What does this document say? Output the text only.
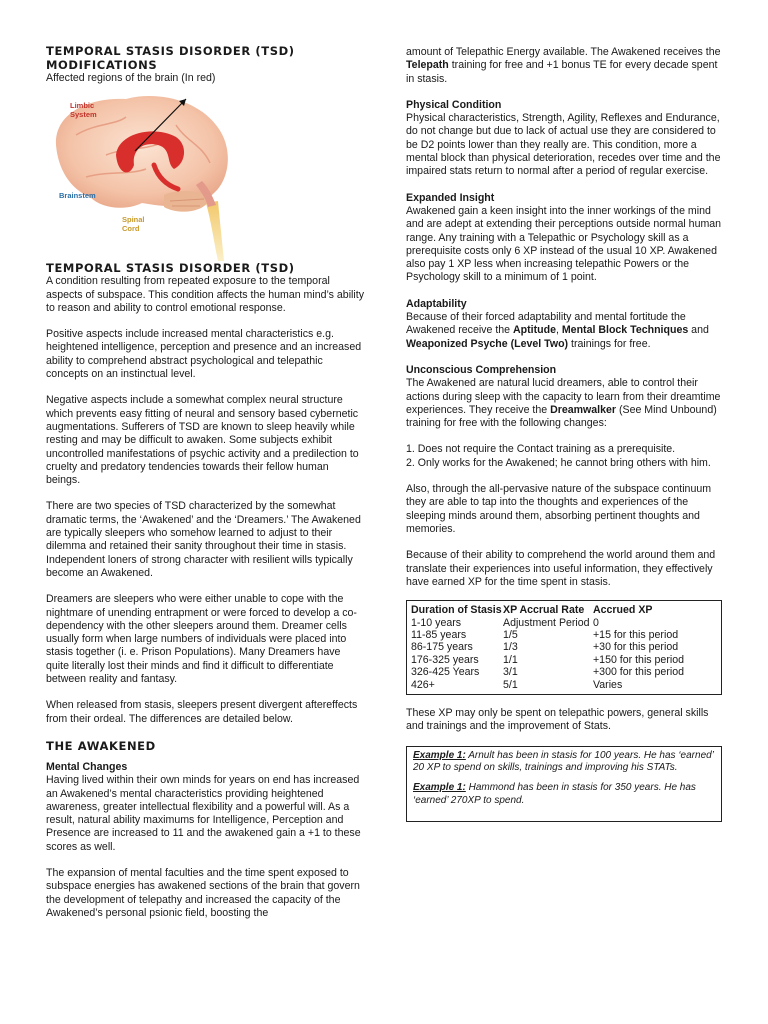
TEMPORAL STASIS DISORDER (TSD) MODIFICATIONS

Affected regions of the brain (In red)

Limbic
System
Brainstem
Spinal
Cord
TEMPORAL STASIS DISORDER (TSD)

A condition resulting from repeated exposure to the temporal aspects of subspace. This condition affects the human mind’s ability to reason and ability to control emotional response.

Positive aspects include increased mental characteristics e.g. heightened intelligence, perception and presence and an increased ability to comprehend abstract psychological and telepathic concepts on an instinctual level.

Negative aspects include a somewhat complex neural structure which prevents easy fitting of neural and sensory based cybernetic augmentations. Sufferers of TSD are known to sleep heavily while resting and may be difficult to awaken. Some subjects exhibit uncontrolled manifestations of psychic activity and a predilection to cruelty and predatory tendencies towards their fellow human beings.

There are two species of TSD characterized by the somewhat dramatic terms, the ‘Awakened’ and the ‘Dreamers.’ The Awakened are typically sleepers who somehow learned to adjust to their dilemma and retained their sanity throughout their time in stasis. Independent loners of strong character with resilient wills typically become an Awakened.

Dreamers are sleepers who were either unable to cope with the nightmare of unending entrapment or were forced to develop a co-dependency with the other sleepers around them. Dreamer cells usually form when large numbers of individuals were placed into stasis together (i. e. Prison Populations). Many Dreamers have quite literally lost their minds and find it difficult to differentiate between reality and fantasy.

When released from stasis, sleepers present divergent aftereffects from their ordeal. The differences are detailed below.

THE AWAKENED

Mental Changes

Having lived within their own minds for years on end has increased an Awakened’s mental characteristics providing heightened awareness, greater intellectual flexibility and a powerful will. As a result, natural ability maximums for Intelligence, Perception and Presence are increased to 11 and the awakened gain a +1 to these scores as well.

The expansion of mental faculties and the time spent exposed to subspace energies has awakened sections of the brain that govern the development of telepathy and increased the capacity of the Awakened’s personal psionic field, boosting the

amount of Telepathic Energy available. The Awakened receives the Telepath training for free and +1 bonus TE for every decade spent in stasis.

Physical Condition

Physical characteristics, Strength, Agility, Reflexes and Endurance, do not change but due to lack of actual use they are considered to be D2 points lower than they really are. This condition, more a mental block than physical deterioration, recedes over time and the impaired stats return to normal after a period of regular exercise.

Expanded Insight

Awakened gain a keen insight into the inner workings of the mind and are adept at extending their perceptions outside normal human range. Any training with a Telepathic or Psychology skill as a prerequisite costs only 6 XP instead of the usual 10 XP. Awakened also pay 1 XP less when increasing telepathic Powers or the Psychology skill to a minimum of 1 point.

Adaptability

Because of their forced adaptability and mental fortitude the Awakened receive the Aptitude, Mental Block Techniques and Weaponized Psyche (Level Two) trainings for free.

Unconscious Comprehension

The Awakened are natural lucid dreamers, able to control their actions during sleep with the capacity to learn from their dreamtime experiences. They receive the Dreamwalker (See Mind Unbound) training for free with the following changes:

1. Does not require the Contact training as a prerequisite.

2. Only works for the Awakened; he cannot bring others with him.

Also, through the all-pervasive nature of the subspace continuum they are able to tap into the thoughts and experiences of the sleeping minds around them, absorbing pertinent thoughts and memories.

Because of their ability to comprehend the world around them and translate their experiences into useful information, they effectively have earned XP for the time spent in stasis.

Duration of Stasis	XP Accrual Rate	Accrued XP
1-10 years	Adjustment Period	0
11-85 years	1/5	+15 for this period
86-175 years	1/3	+30 for this period
176-325 years	1/1	+150 for this period
326-425 Years	3/1	+300 for this period
426+	5/1	Varies

These XP may only be spent on telepathic powers, general skills and trainings and the improvement of Stats.

Example 1: Arnult has been in stasis for 100 years. He has ‘earned’ 20 XP to spend on skills, trainings and improving his STATs.

Example 1: Hammond has been in stasis for 350 years. He has ‘earned’ 270XP to spend.
